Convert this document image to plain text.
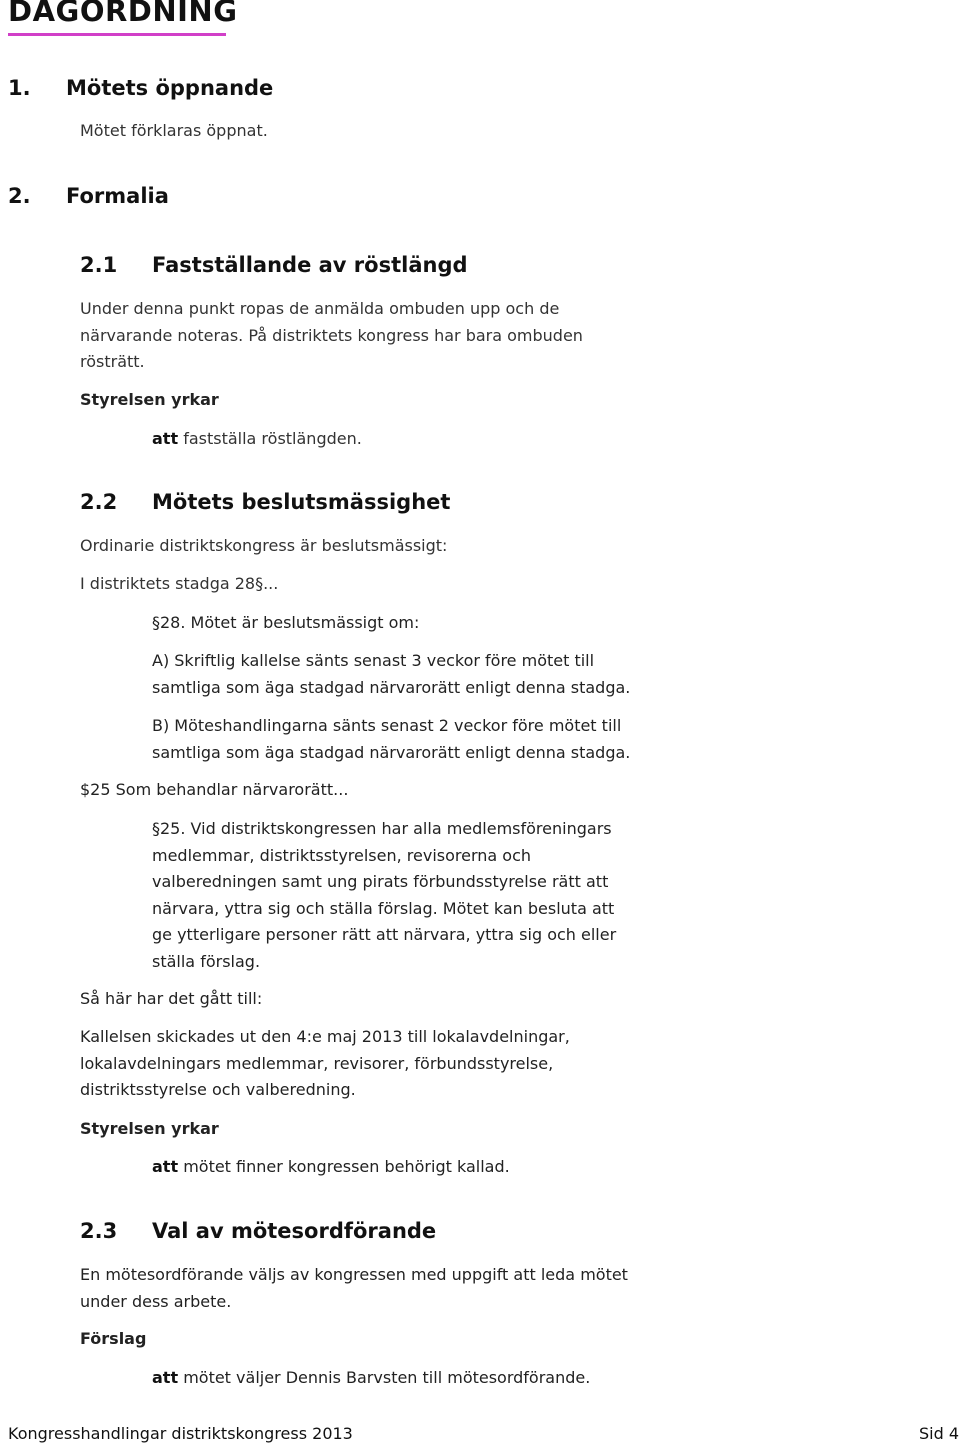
DAGORDNING
1. Mötets öppnande
Mötet förklaras öppnat.
2. Formalia
2.1 Fastställande av röstlängd
Under denna punkt ropas de anmälda ombuden upp och de
närvarande noteras. På distriktets kongress har bara ombuden
rösträtt.
Styrelsen yrkar
att fastställa röstlängden.
2.2 Mötets beslutsmässighet
Ordinarie distriktskongress är beslutsmässigt:
I distriktets stadga 28§...
§28. Mötet är beslutsmässigt om:
A) Skriftlig kallelse sänts senast 3 veckor före mötet till
samtliga som äga stadgad närvarorätt enligt denna stadga.
B) Möteshandlingarna sänts senast 2 veckor före mötet till
samtliga som äga stadgad närvarorätt enligt denna stadga.
$25 Som behandlar närvarorätt...
§25. Vid distriktskongressen har alla medlemsföreningars
medlemmar, distriktsstyrelsen, revisorerna och
valberedningen samt ung pirats förbundsstyrelse rätt att
närvara, yttra sig och ställa förslag. Mötet kan besluta att
ge ytterligare personer rätt att närvara, yttra sig och eller
ställa förslag.
Så här har det gått till:
Kallelsen skickades ut den 4:e maj 2013 till lokalavdelningar,
lokalavdelningars medlemmar, revisorer, förbundsstyrelse,
distriktsstyrelse och valberedning.
Styrelsen yrkar
att mötet finner kongressen behörigt kallad.
2.3 Val av mötesordförande
En mötesordförande väljs av kongressen med uppgift att leda mötet
under dess arbete.
Förslag
att mötet väljer Dennis Barvsten till mötesordförande.
Kongresshandlingar distriktskongress 2013	Sid 4
